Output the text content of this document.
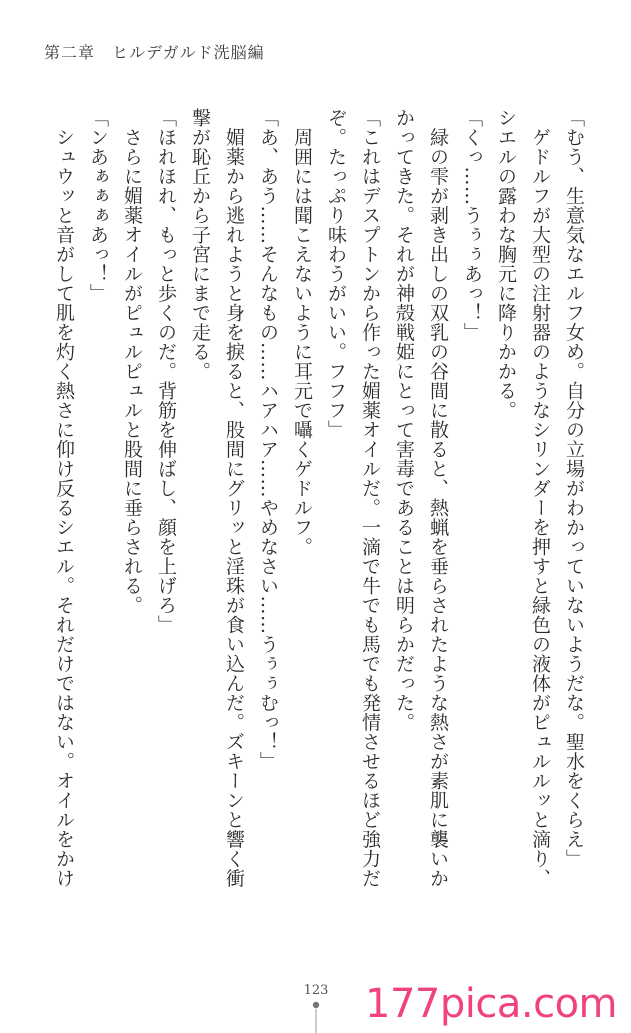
第二章　ヒルデガルド洗脳編
「むう、生意気なエルフ女め。自分の立場がわかっていないようだな。聖水をくらえ」
　ゲドルフが大型の注射器のようなシリンダーを押すと緑色の液体がピュルルッと滴り、
シエルの露わな胸元に降りかかる。
「くっ……うぅぅあっ！」
　緑の雫が剥き出しの双乳の谷間に散ると、熱蝋を垂らされたような熱さが素肌に襲いか
かってきた。それが神殻戦姫にとって害毒であることは明らかだった。
「これはデスプトンから作った媚薬オイルだ。一滴で牛でも馬でも発情させるほど強力だ
ぞ。たっぷり味わうがいい。フフフ」
　周囲には聞こえないように耳元で囁くゲドルフ。
「あ、あう……そんなもの……ハアハア……やめなさい……うぅぅむっ！」
　媚薬から逃れようと身を捩ると、股間にグリッと淫珠が食い込んだ。ズキーンと響く衝
撃が恥丘から子宮にまで走る。
「ほれほれ、もっと歩くのだ。背筋を伸ばし、顔を上げろ」
　さらに媚薬オイルがピュルピュルと股間に垂らされる。
「ンあぁぁぁあっ！」
　シュウッと音がして肌を灼く熱さに仰け反るシエル。それだけではない。オイルをかけ
123 177pica.com
